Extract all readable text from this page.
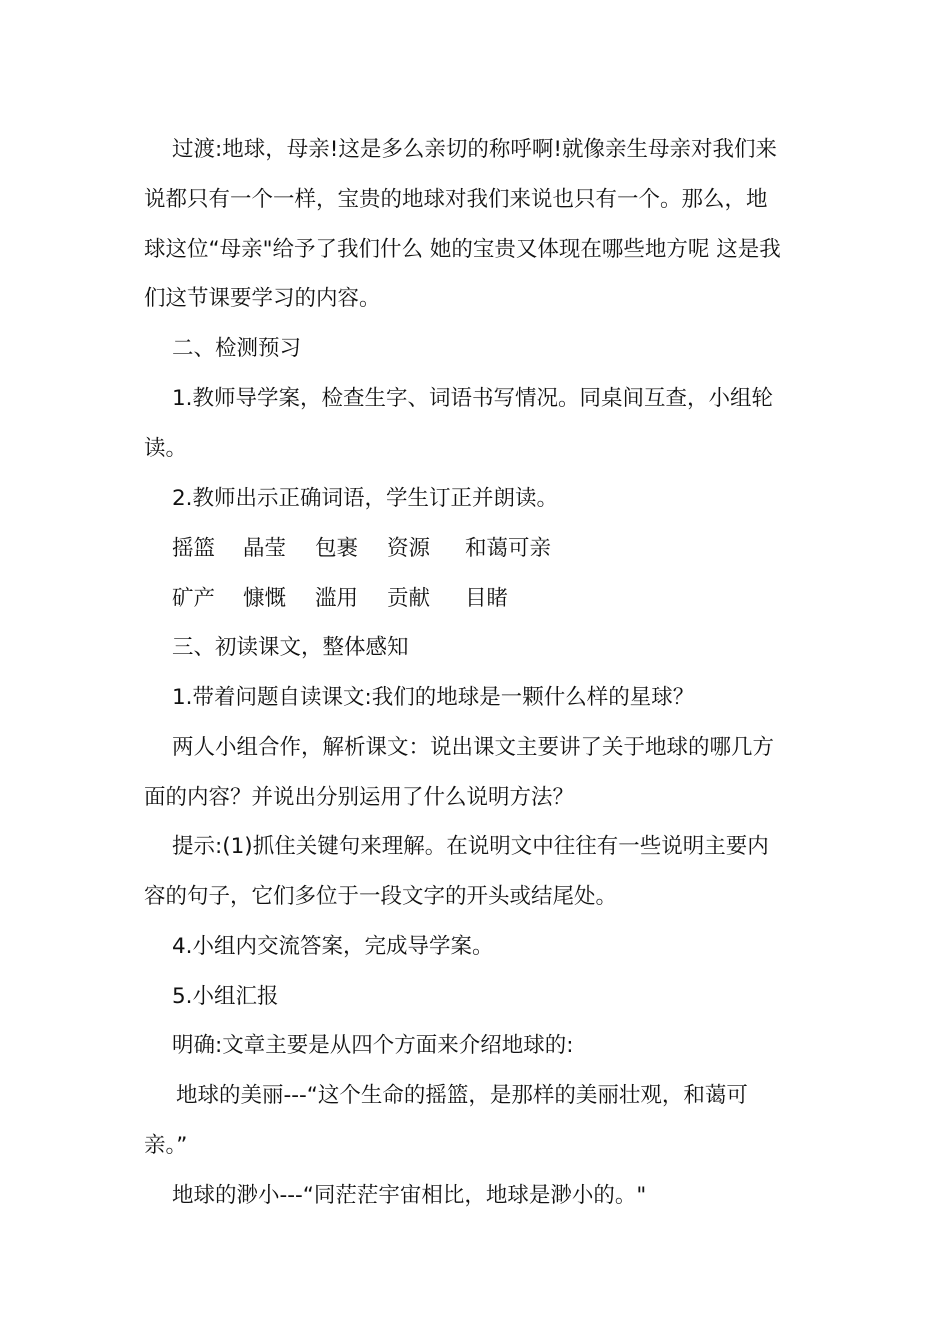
过渡:地球，母亲!这是多么亲切的称呼啊!就像亲生母亲对我们来
说都只有一个一样，宝贵的地球对我们来说也只有一个。那么，地
球这位“母亲"给予了我们什么 她的宝贵又体现在哪些地方呢 这是我
们这节课要学习的内容。
二、检测预习
1.教师导学案，检查生字、词语书写情况。同桌间互查，小组轮
读。
2.教师出示正确词语，学生订正并朗读。

摇篮

晶莹

包裹

资源

和蔼可亲

矿产

慷慨

滥用

贡献

目睹

三、初读课文，整体感知
1.带着问题自读课文:我们的地球是一颗什么样的星球？
两人小组合作，解析课文：说出课文主要讲了关于地球的哪几方
面的内容？并说出分别运用了什么说明方法？
提示:(1)抓住关键句来理解。在说明文中往往有一些说明主要内
容的句子，它们多位于一段文字的开头或结尾处。
4.小组内交流答案，完成导学案。
5.小组汇报
明确:文章主要是从四个方面来介绍地球的:
地球的美丽---“这个生命的摇篮，是那样的美丽壮观，和蔼可
亲。”
地球的渺小---“同茫茫宇宙相比，地球是渺小的。"
